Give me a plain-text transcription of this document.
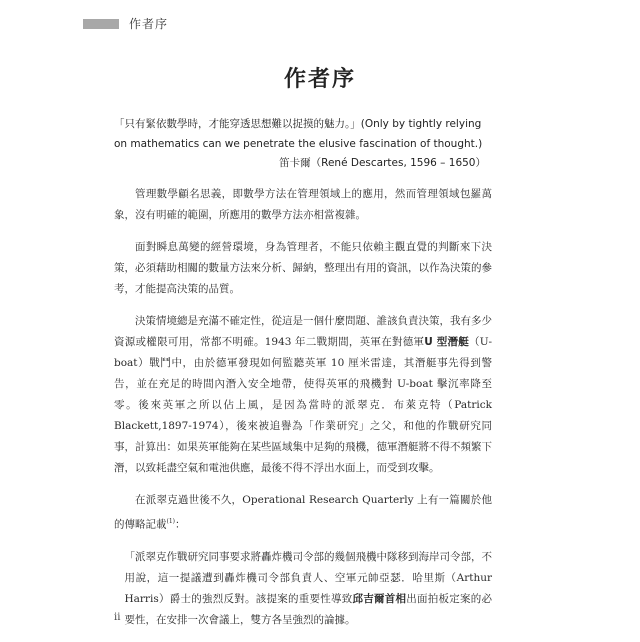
作者序
作者序
「只有緊依數學時，才能穿透思想難以捉摸的魅力。」(Only by tightly relying on mathematics can we penetrate the elusive fascination of thought.)
笛卡爾（René Descartes, 1596 – 1650）

管理數學顧名思義，即數學方法在管理領域上的應用，然而管理領域包羅萬象，沒有明確的範圍，所應用的數學方法亦相當複雜。

面對瞬息萬變的經營環境，身為管理者，不能只依賴主觀直覺的判斷來下決策，必須藉助相關的數量方法來分析、歸納，整理出有用的資訊，以作為決策的參考，才能提高決策的品質。

決策情境總是充滿不確定性，從這是一個什麼問題、誰該負責決策，我有多少資源或權限可用，常都不明確。1943 年二戰期間，英軍在對德軍U 型潛艇（U-boat）戰鬥中，由於德軍發現如何監聽英軍 10 厘米雷達，其潛艇事先得到警告，並在充足的時間內潛入安全地帶，使得英軍的飛機對 U-boat 擊沉率降至零。後來英軍之所以佔上風，是因為當時的派翠克．布萊克特（Patrick Blackett,1897-1974），後來被追譽為「作業研究」之父，和他的作戰研究同事，計算出：如果英軍能夠在某些區域集中足夠的飛機，德軍潛艇將不得不頻繁下潛，以致耗盡空氣和電池供應，最後不得不浮出水面上，而受到攻擊。

在派翠克過世後不久，Operational Research Quarterly 上有一篇關於他的傳略記載$^{(1)}$：

「派翠克作戰研究同事要求將轟炸機司令部的幾個飛機中隊移到海岸司令部，不用說，這一提議遭到轟炸機司令部負責人、空軍元帥亞瑟．哈里斯（Arthur Harris）爵士的強烈反對。該提案的重要性導致邱吉爾首相出面拍板定案的必要性，在安排一次會議上，雙方各呈強烈的論據。

ii
